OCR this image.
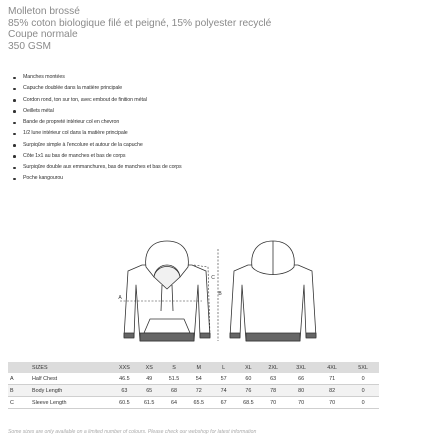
Molleton brossé
85% coton biologique filé et peigné, 15% polyester recyclé
Coupe normale
350 GSM
Manches montées
Capuche doublée dans la matière principale
Cordon rond, ton sur ton, avec embout de finition métal
Oeillets métal
Bande de propreté intérieur col en chevron
1/2 lune intérieur col dans la matière principale
Surpiqûre simple à l'encolure et autour de la capuche
Côte 1x1 au bas de manches et bas de corps
Surpiqûre double aux emmanchures, bas de manches et bas de corps
Poche kangourou
A
B
C
	SIZES	XXS	XS	S	M	L	XL	2XL	3XL	4XL	5XL
A	Half Chest	46.5	49	51.5	54	57	60	63	66	71	0
B	Body Length	63	65	68	72	74	76	78	80	82	0
C	Sleeve Length	60.5	61.5	64	65.5	67	68.5	70	70	70	0
Some sizes are only available on a limited number of colours. Please check our webshop for latest information
